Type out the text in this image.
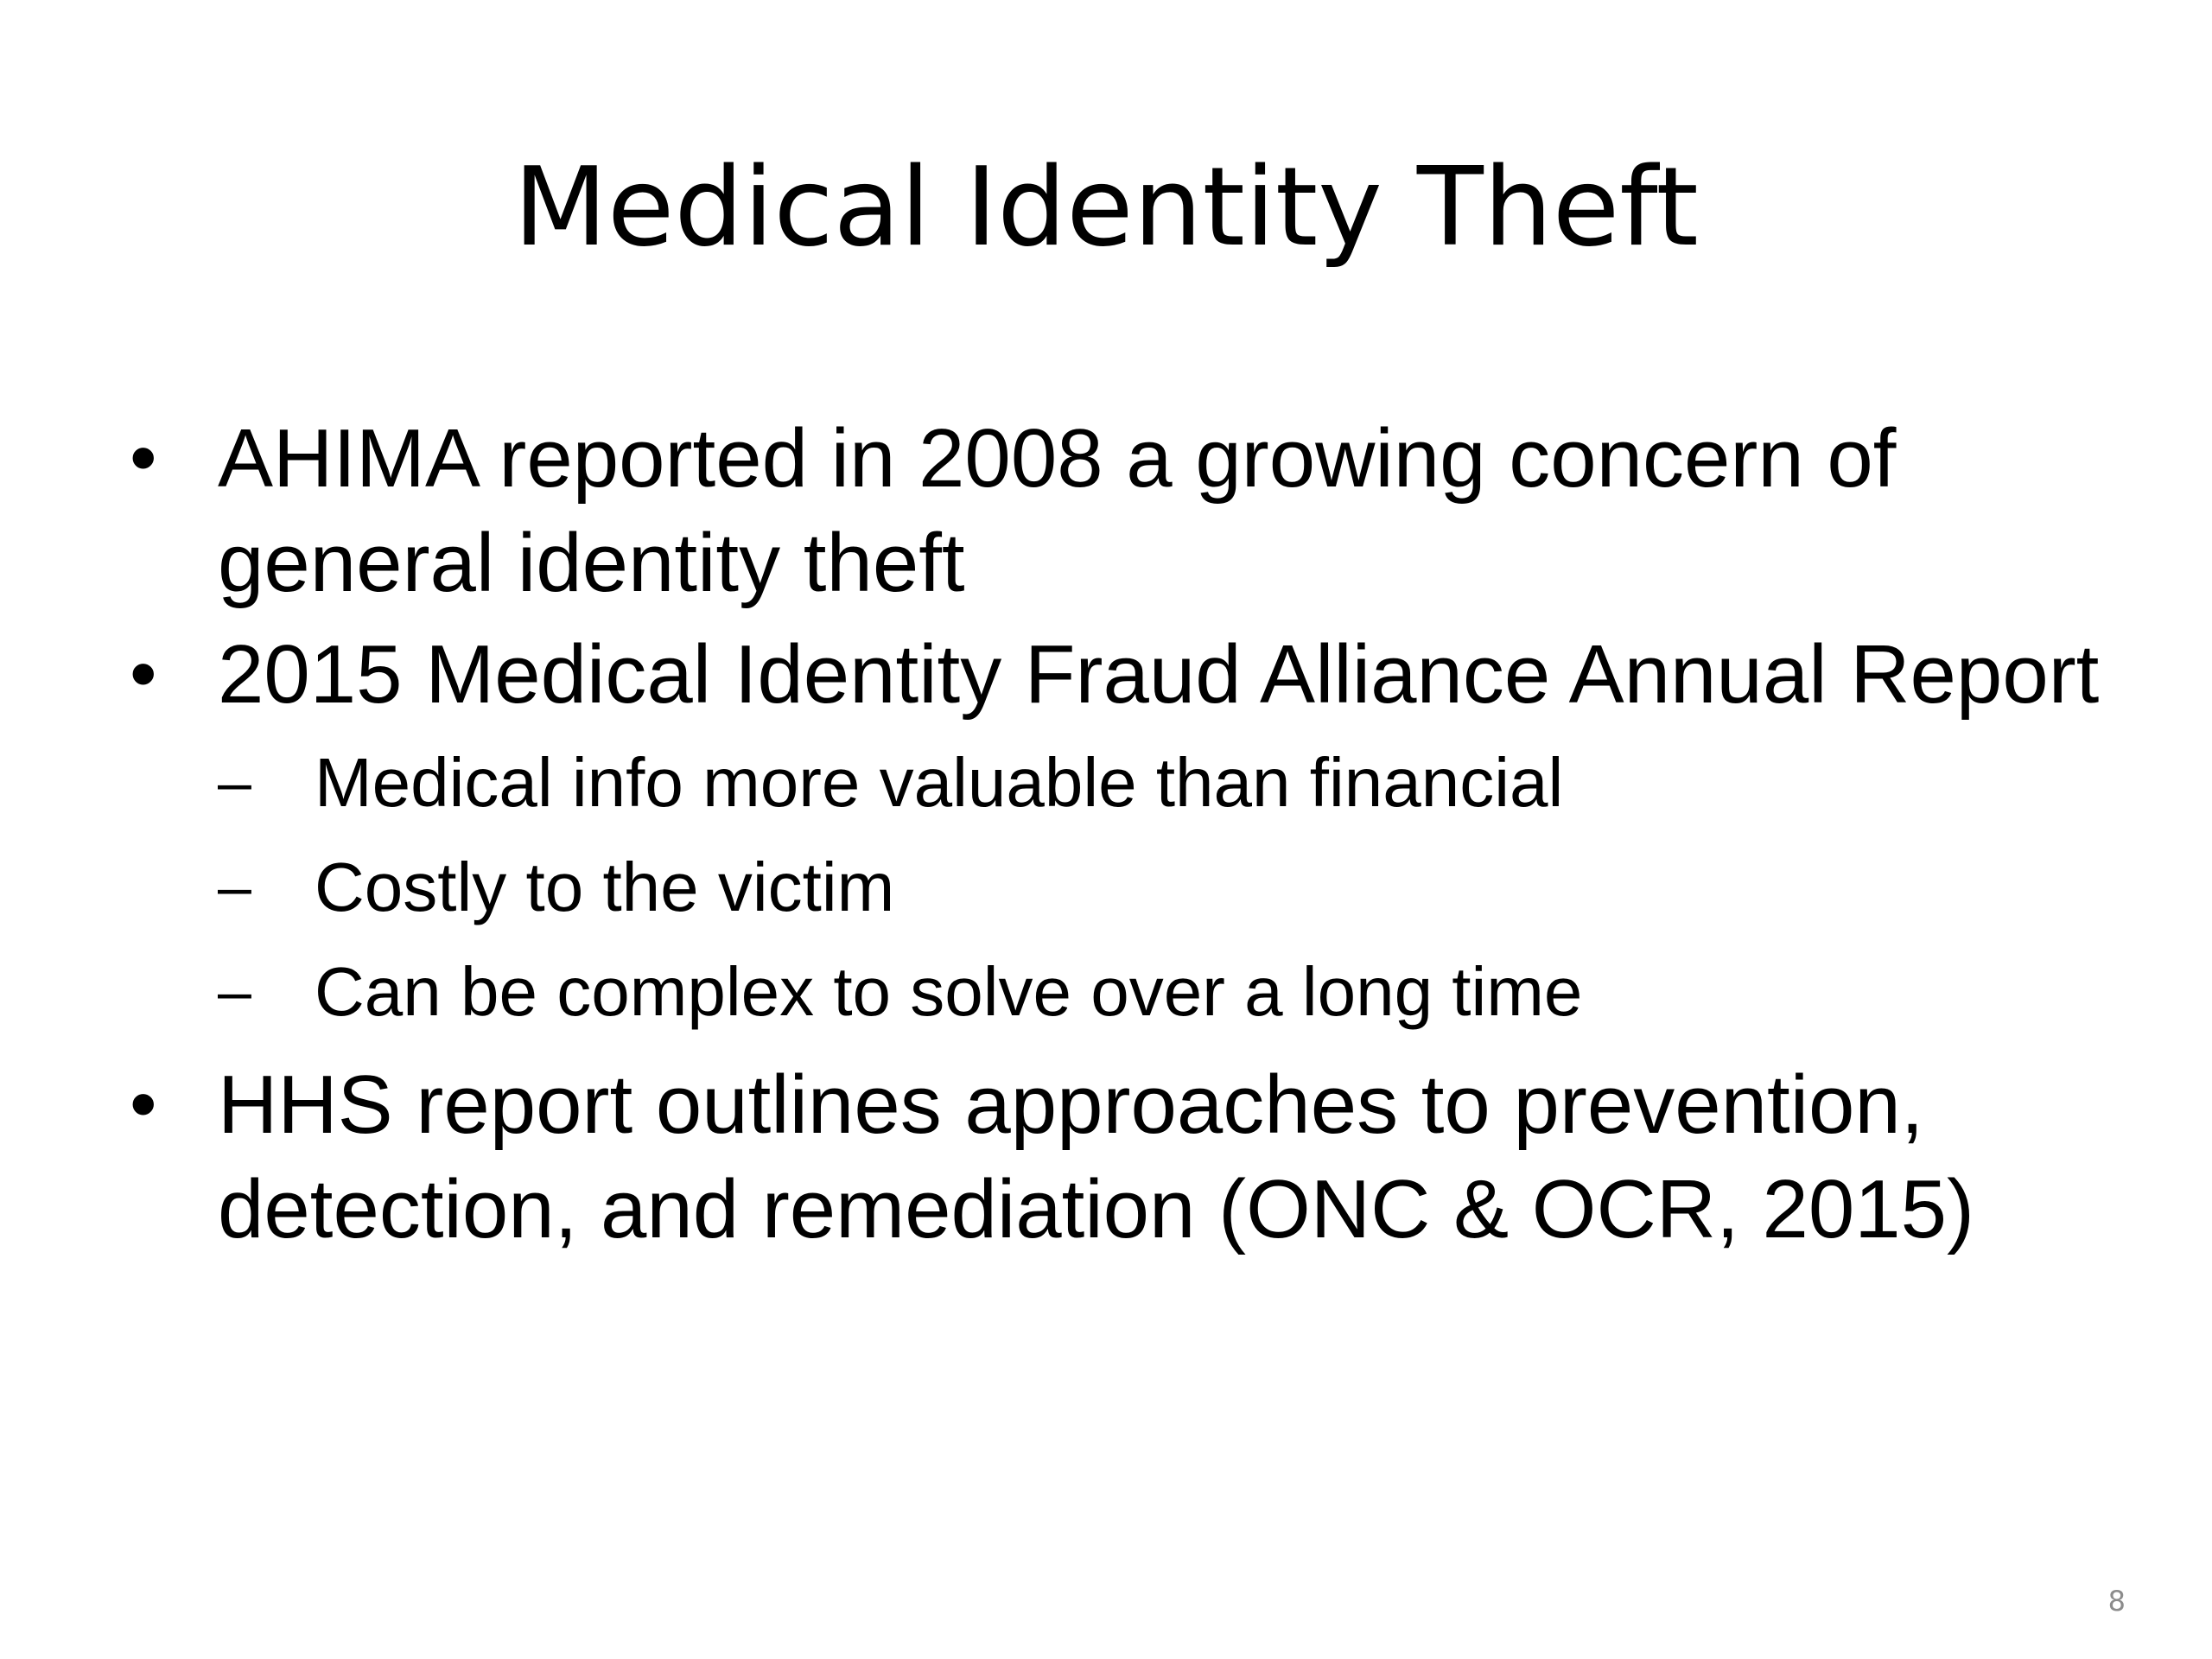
Medical Identity Theft
• AHIMA reported in 2008 a growing concern of general identity theft
• 2015 Medical Identity Fraud Alliance Annual Report
– Medical info more valuable than financial
– Costly to the victim
– Can be complex to solve over a long time
• HHS report outlines approaches to prevention, detection, and remediation (ONC & OCR, 2015)
8
